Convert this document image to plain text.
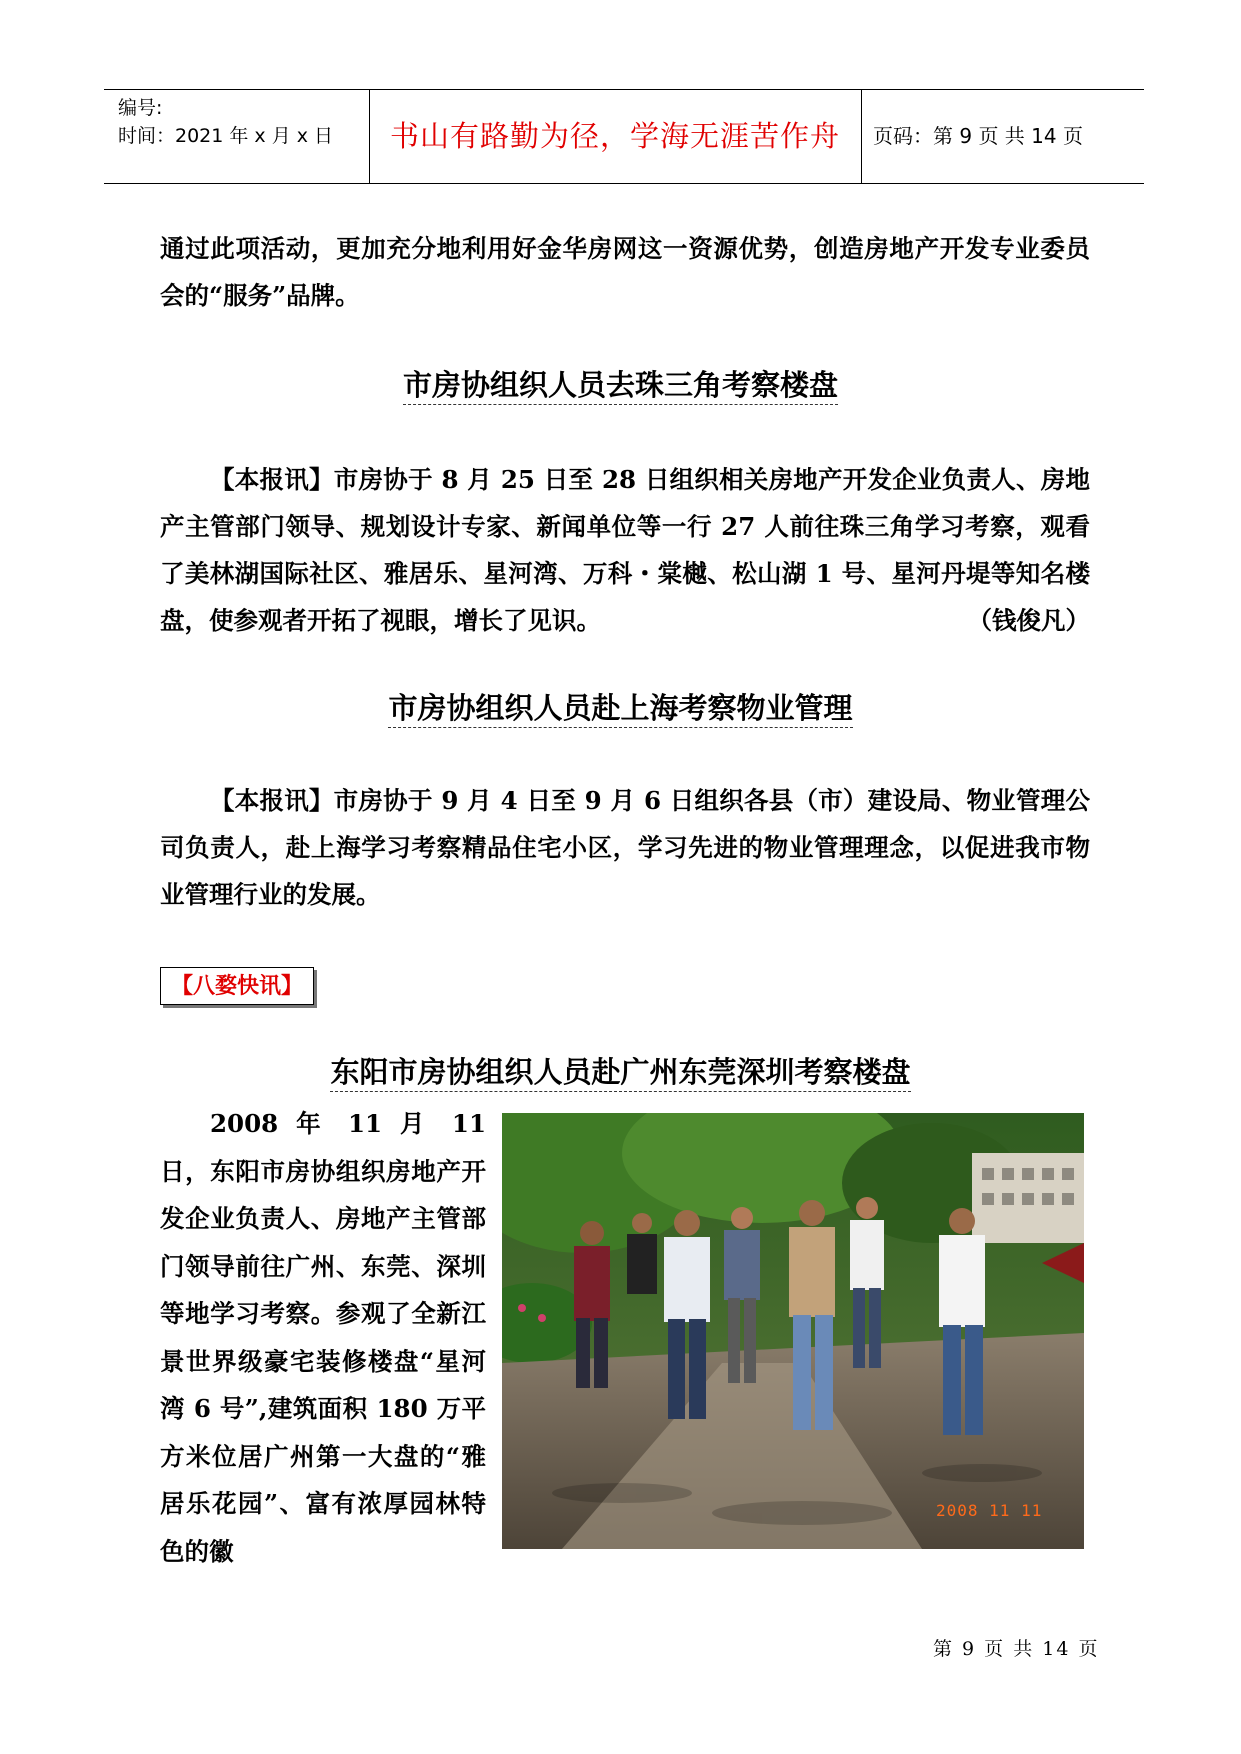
编号:
时间：2021 年 x 月 x 日	书山有路勤为径，学海无涯苦作舟	页码：第 9 页 共 14 页

通过此项活动，更加充分地利用好金华房网这一资源优势，创造房地产开发专业委员会的“服务”品牌。

市房协组织人员去珠三角考察楼盘

【本报讯】市房协于 8 月 25 日至 28 日组织相关房地产开发企业负责人、房地产主管部门领导、规划设计专家、新闻单位等一行 27 人前往珠三角学习考察，观看了美林湖国际社区、雅居乐、星河湾、万科・棠樾、松山湖 1 号、星河丹堤等知名楼盘，使参观者开拓了视眼，增长了见识。	（钱俊凡）

市房协组织人员赴上海考察物业管理

【本报讯】市房协于 9 月 4 日至 9 月 6 日组织各县（市）建设局、物业管理公司负责人，赴上海学习考察精品住宅小区，学习先进的物业管理理念，以促进我市物业管理行业的发展。

【八婺快讯】
东阳市房协组织人员赴广州东莞深圳考察楼盘

2008 年 11 月 11 日，东阳市房协组织房地产开发企业负责人、房地产主管部门领导前往广州、东莞、深圳等地学习考察。参观了全新江景世界级豪宅装修楼盘“星河湾 6 号”,建筑面积 180 万平方米位居广州第一大盘的“雅居乐花园”、富有浓厚园林特色的徽

2008 11 11
第 9 页 共 14 页
